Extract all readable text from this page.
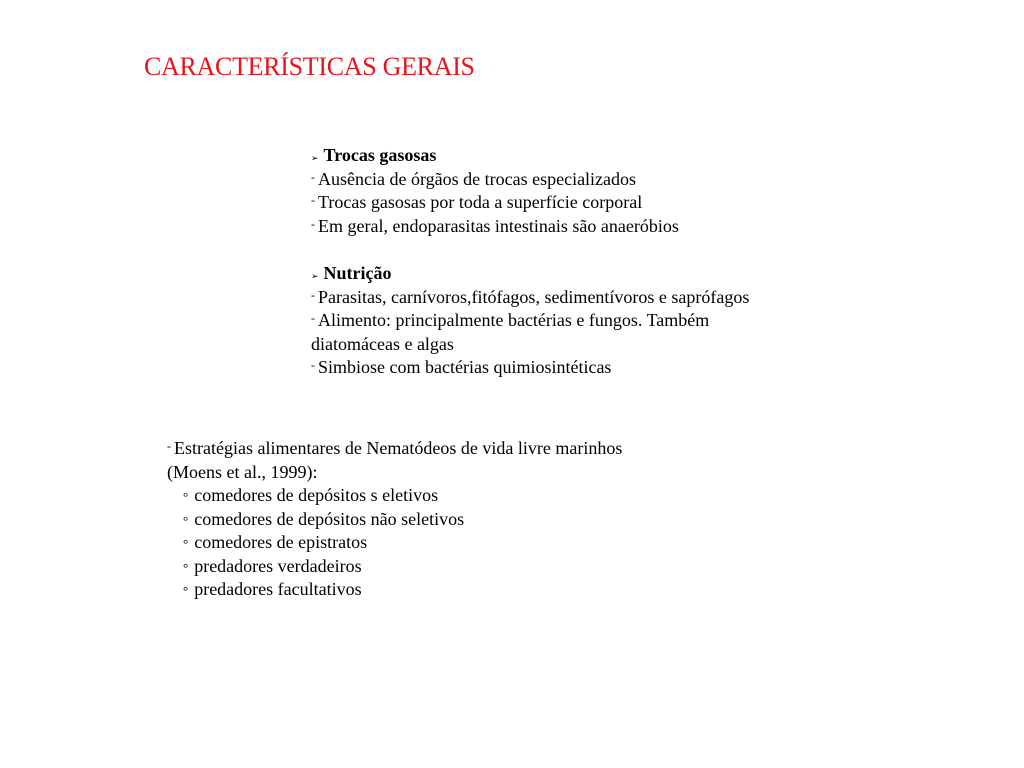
CARACTERÍSTICAS GERAIS
➢ Trocas gasosas
- Ausência de órgãos de trocas especializados
- Trocas gasosas por toda a superfície corporal
- Em geral, endoparasitas intestinais são anaeróbios
➢ Nutrição
- Parasitas, carnívoros,fitófagos, sedimentívoros e saprófagos
- Alimento: principalmente bactérias e fungos. Também
diatomáceas e algas
- Simbiose com bactérias quimiosintéticas
- Estratégias alimentares de Nematódeos de vida livre marinhos
(Moens et al., 1999):
° comedores de depósitos s eletivos
° comedores de depósitos não seletivos
° comedores de epistratos
° predadores verdadeiros
° predadores facultativos
